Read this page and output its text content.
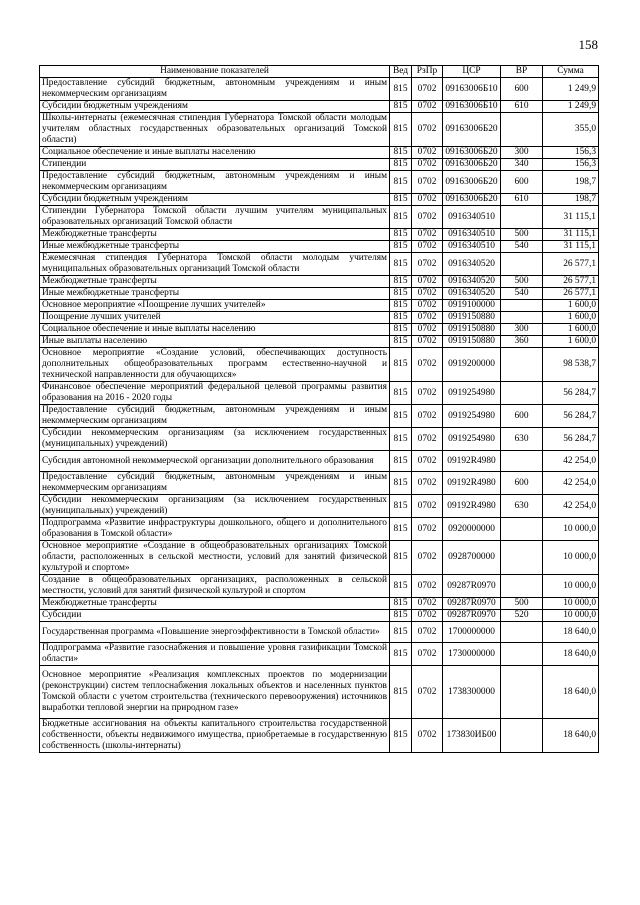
158
Наименование показателей	Вед	РзПр	ЦСР	ВР	Сумма
Предоставление субсидий бюджетным, автономным учреждениям и иным некоммерческим организациям	815	0702	09163006Б10	600	1 249,9
Субсидии бюджетным учреждениям	815	0702	09163006Б10	610	1 249,9
Школы-интернаты (ежемесячная стипендия Губернатора Томской области молодым учителям областных государственных образовательных организаций Томской области)	815	0702	09163006Б20		355,0
Социальное обеспечение и иные выплаты населению	815	0702	09163006Б20	300	156,3
Стипендии	815	0702	09163006Б20	340	156,3
Предоставление субсидий бюджетным, автономным учреждениям и иным некоммерческим организациям	815	0702	09163006Б20	600	198,7
Субсидии бюджетным учреждениям	815	0702	09163006Б20	610	198,7
Стипендии Губернатора Томской области лучшим учителям муниципальных образовательных организаций Томской области	815	0702	0916340510		31 115,1
Межбюджетные трансферты	815	0702	0916340510	500	31 115,1
Иные межбюджетные трансферты	815	0702	0916340510	540	31 115,1
Ежемесячная стипендия Губернатора Томской области молодым учителям муниципальных образовательных организаций Томской области	815	0702	0916340520		26 577,1
Межбюджетные трансферты	815	0702	0916340520	500	26 577,1
Иные межбюджетные трансферты	815	0702	0916340520	540	26 577,1
Основное мероприятие «Поощрение лучших учителей»	815	0702	0919100000		1 600,0
Поощрение лучших учителей	815	0702	0919150880		1 600,0
Социальное обеспечение и иные выплаты населению	815	0702	0919150880	300	1 600,0
Иные выплаты населению	815	0702	0919150880	360	1 600,0
Основное мероприятие «Создание условий, обеспечивающих доступность дополнительных общеобразовательных программ естественно-научной и технической направленности для обучающихся»	815	0702	0919200000		98 538,7
Финансовое обеспечение мероприятий федеральной целевой программы развития образования на 2016 - 2020 годы	815	0702	0919254980		56 284,7
Предоставление субсидий бюджетным, автономным учреждениям и иным некоммерческим организациям	815	0702	0919254980	600	56 284,7
Субсидии некоммерческим организациям (за исключением государственных (муниципальных) учреждений)	815	0702	0919254980	630	56 284,7
Субсидия автономной некоммерческой организации дополнительного образования	815	0702	09192R4980		42 254,0
Предоставление субсидий бюджетным, автономным учреждениям и иным некоммерческим организациям	815	0702	09192R4980	600	42 254,0
Субсидии некоммерческим организациям (за исключением государственных (муниципальных) учреждений)	815	0702	09192R4980	630	42 254,0
Подпрограмма «Развитие инфраструктуры дошкольного, общего и дополнительного образования в Томской области»	815	0702	0920000000		10 000,0
Основное мероприятие «Создание в общеобразовательных организациях Томской области, расположенных в сельской местности, условий для занятий физической культурой и спортом»	815	0702	0928700000		10 000,0
Создание в общеобразовательных организациях, расположенных в сельской местности, условий для занятий физической культурой и спортом	815	0702	09287R0970		10 000,0
Межбюджетные трансферты	815	0702	09287R0970	500	10 000,0
Субсидии	815	0702	09287R0970	520	10 000,0
Государственная программа «Повышение энергоэффективности в Томской области»	815	0702	1700000000		18 640,0
Подпрограмма «Развитие газоснабжения и повышение уровня газификации Томской области»	815	0702	1730000000		18 640,0
Основное мероприятие «Реализация комплексных проектов по модернизации (реконструкции) систем теплоснабжения локальных объектов и населенных пунктов Томской области с учетом строительства (технического перевооружения) источников выработки тепловой энергии на природном газе»	815	0702	1738300000		18 640,0
Бюджетные ассигнования на объекты капитального строительства государственной собственности, объекты недвижимого имущества, приобретаемые в государственную собственность (школы-интернаты)	815	0702	173830ИБ00		18 640,0
